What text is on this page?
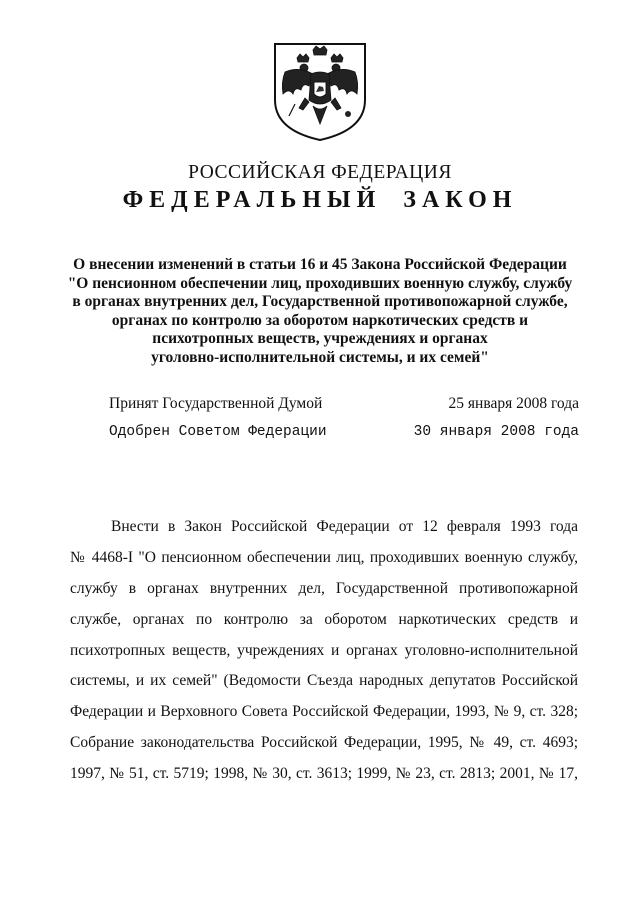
РОССИЙСКАЯ ФЕДЕРАЦИЯ
ФЕДЕРАЛЬНЫЙ ЗАКОН
О внесении изменений в статьи 16 и 45 Закона Российской Федерации
"О пенсионном обеспечении лиц, проходивших военную службу, службу
в органах внутренних дел, Государственной противопожарной службе,
органах по контролю за оборотом наркотических средств и
психотропных веществ, учреждениях и органах
уголовно-исполнительной системы, и их семей"
Принят Государственной Думой	25 января 2008 года
Одобрен Советом Федерации	30 января 2008 года
Внести в Закон Российской Федерации от 12 февраля 1993 года
№ 4468-I "О пенсионном обеспечении лиц, проходивших военную службу,
службу в органах внутренних дел, Государственной противопожарной
службе, органах по контролю за оборотом наркотических средств и
психотропных веществ, учреждениях и органах уголовно-исполнительной
системы, и их семей" (Ведомости Съезда народных депутатов Российской
Федерации и Верховного Совета Российской Федерации, 1993, № 9, ст. 328;
Собрание законодательства Российской Федерации, 1995, № 49, ст. 4693;
1997, № 51, ст. 5719; 1998, № 30, ст. 3613; 1999, № 23, ст. 2813; 2001, № 17,
